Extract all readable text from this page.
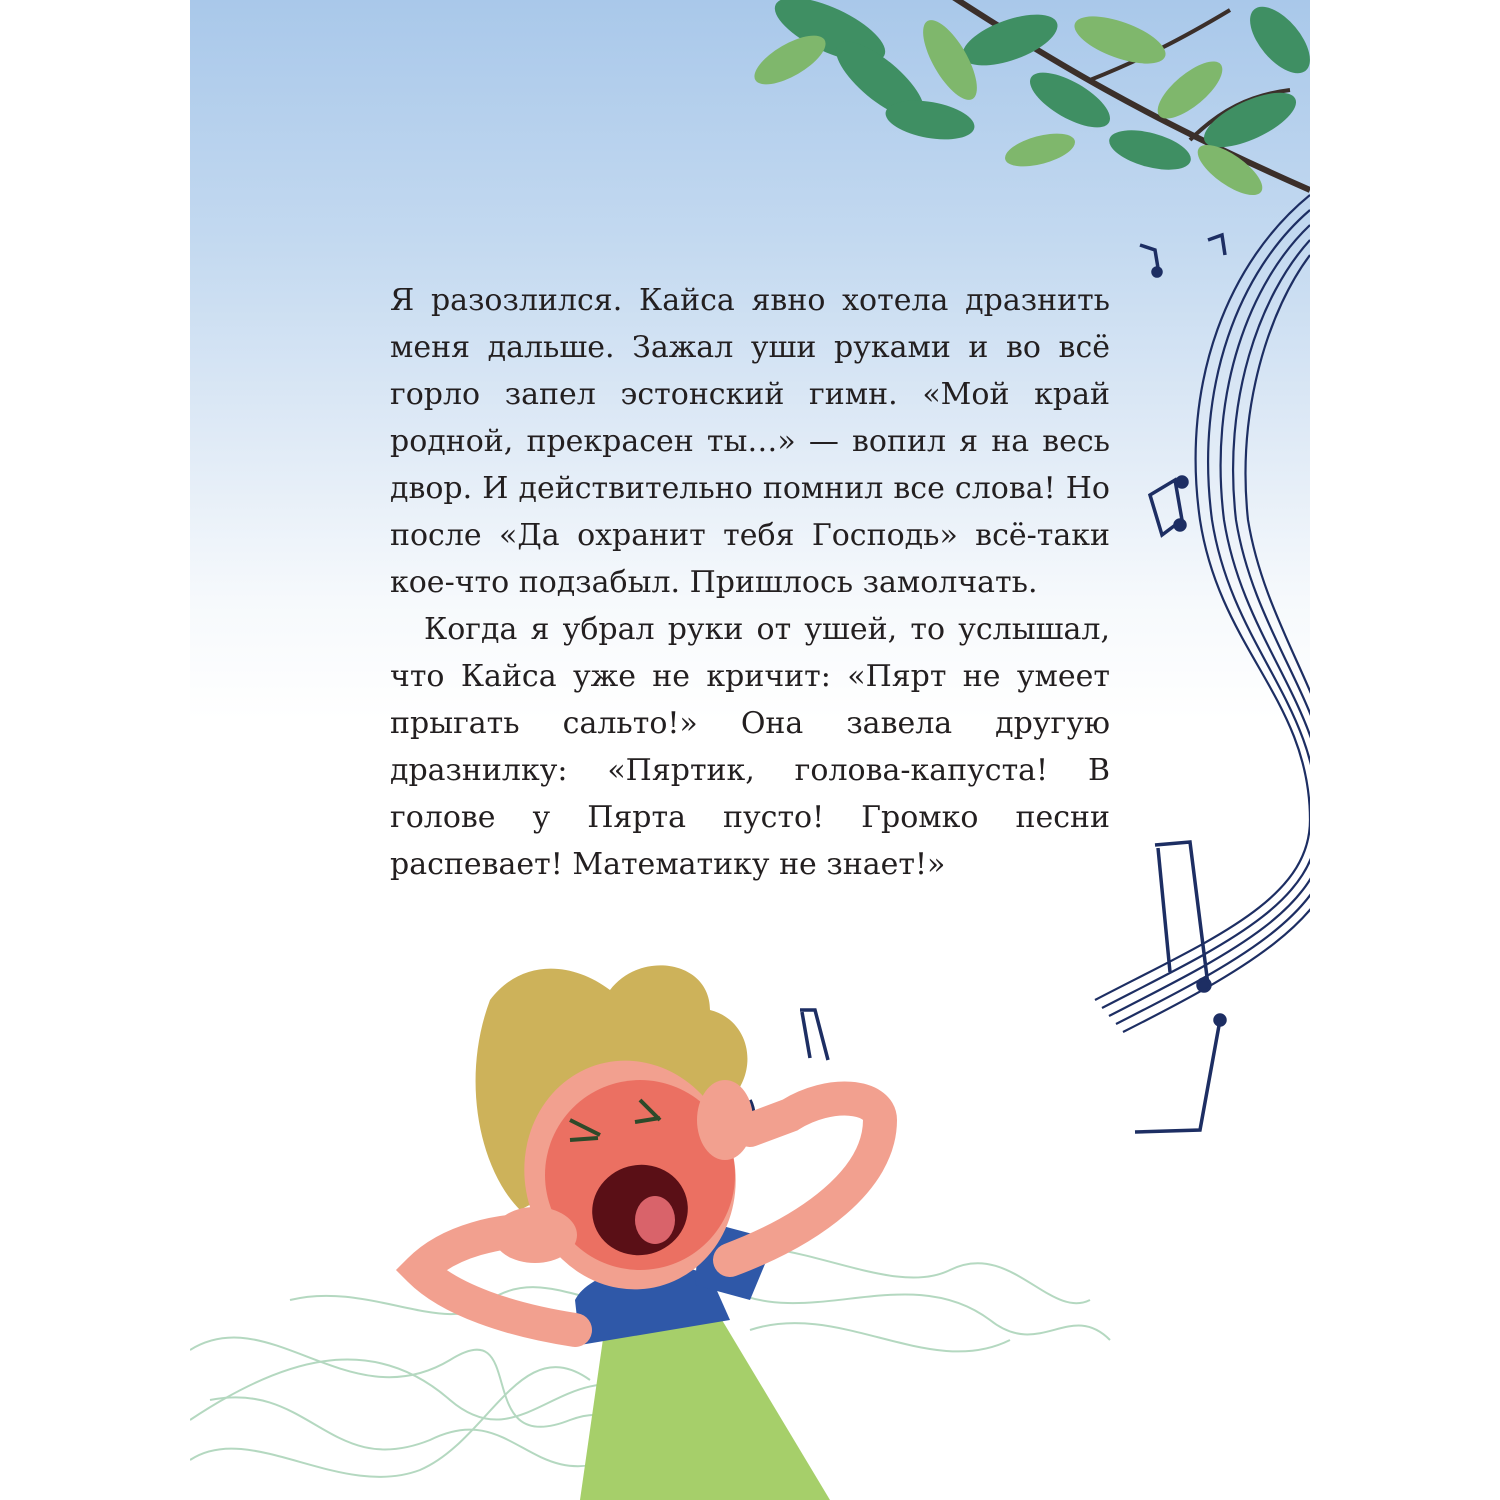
Я разозлился. Кайса явно хотела дразнить меня дальше. Зажал уши руками и во всё горло запел эстонский гимн. «Мой край родной, прекрасен ты…» — вопил я на весь двор. И действительно помнил все слова! Но после «Да охранит тебя Господь» всё-таки кое-что подзабыл. Пришлось замолчать.

Когда я убрал руки от ушей, то услышал, что Кайса уже не кричит: «Пярт не умеет прыгать сальто!» Она завела другую дразнилку: «Пяртик, голова-капуста! В голове у Пярта пусто! Громко песни распевает! Математику не знает!»
